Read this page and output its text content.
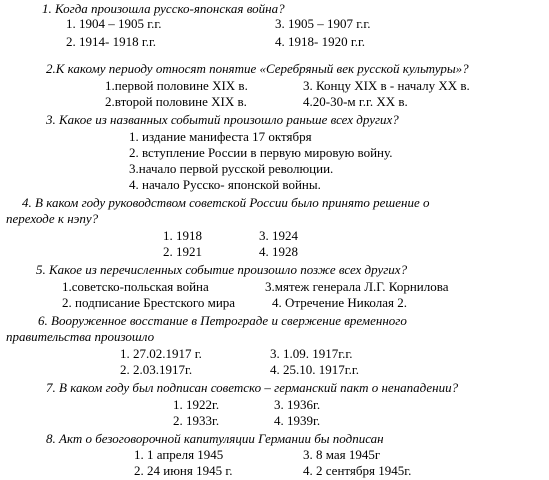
1. Когда произошла русско-японская война?
1. 1904 – 1905 г.г.	3. 1905 – 1907 г.г.
2. 1914- 1918 г.г.	4. 1918- 1920 г.г.
2.К какому периоду относят понятие «Серебряный век русской культуры»?
1.первой половине XIX в.	3. Концу XIX в - началу XX в.
2.второй половине XIX в.	4.20-30-м г.г. XX в.
3. Какое из названных событий произошло раньше всех других?
1. издание манифеста 17 октября
2. вступление России в первую мировую войну.
3.начало первой русской революции.
4. начало Русско- японской войны.
4. В каком году руководством советской России было принято решение о
переходе к нэпу?
1. 1918	3. 1924
2. 1921	4. 1928
5. Какое из перечисленных событие произошло позже всех других?
1.советско-польская война	3.мятеж генерала Л.Г. Корнилова
2. подписание Брестского мира	4. Отречение Николая 2.
6. Вооруженное восстание в Петрограде и свержение временного
правительства произошло
1. 27.02.1917 г.	3. 1.09. 1917г.г.
2. 2.03.1917г.	4. 25.10. 1917г.г.
7. В каком году был подписан советско – германский пакт о ненападении?
1. 1922г.	3. 1936г.
2. 1933г.	4. 1939г.
8. Акт о безоговорочной капитуляции Германии бы подписан
1. 1 апреля 1945	3. 8 мая 1945г
2. 24 июня 1945 г.	4. 2 сентября 1945г.
